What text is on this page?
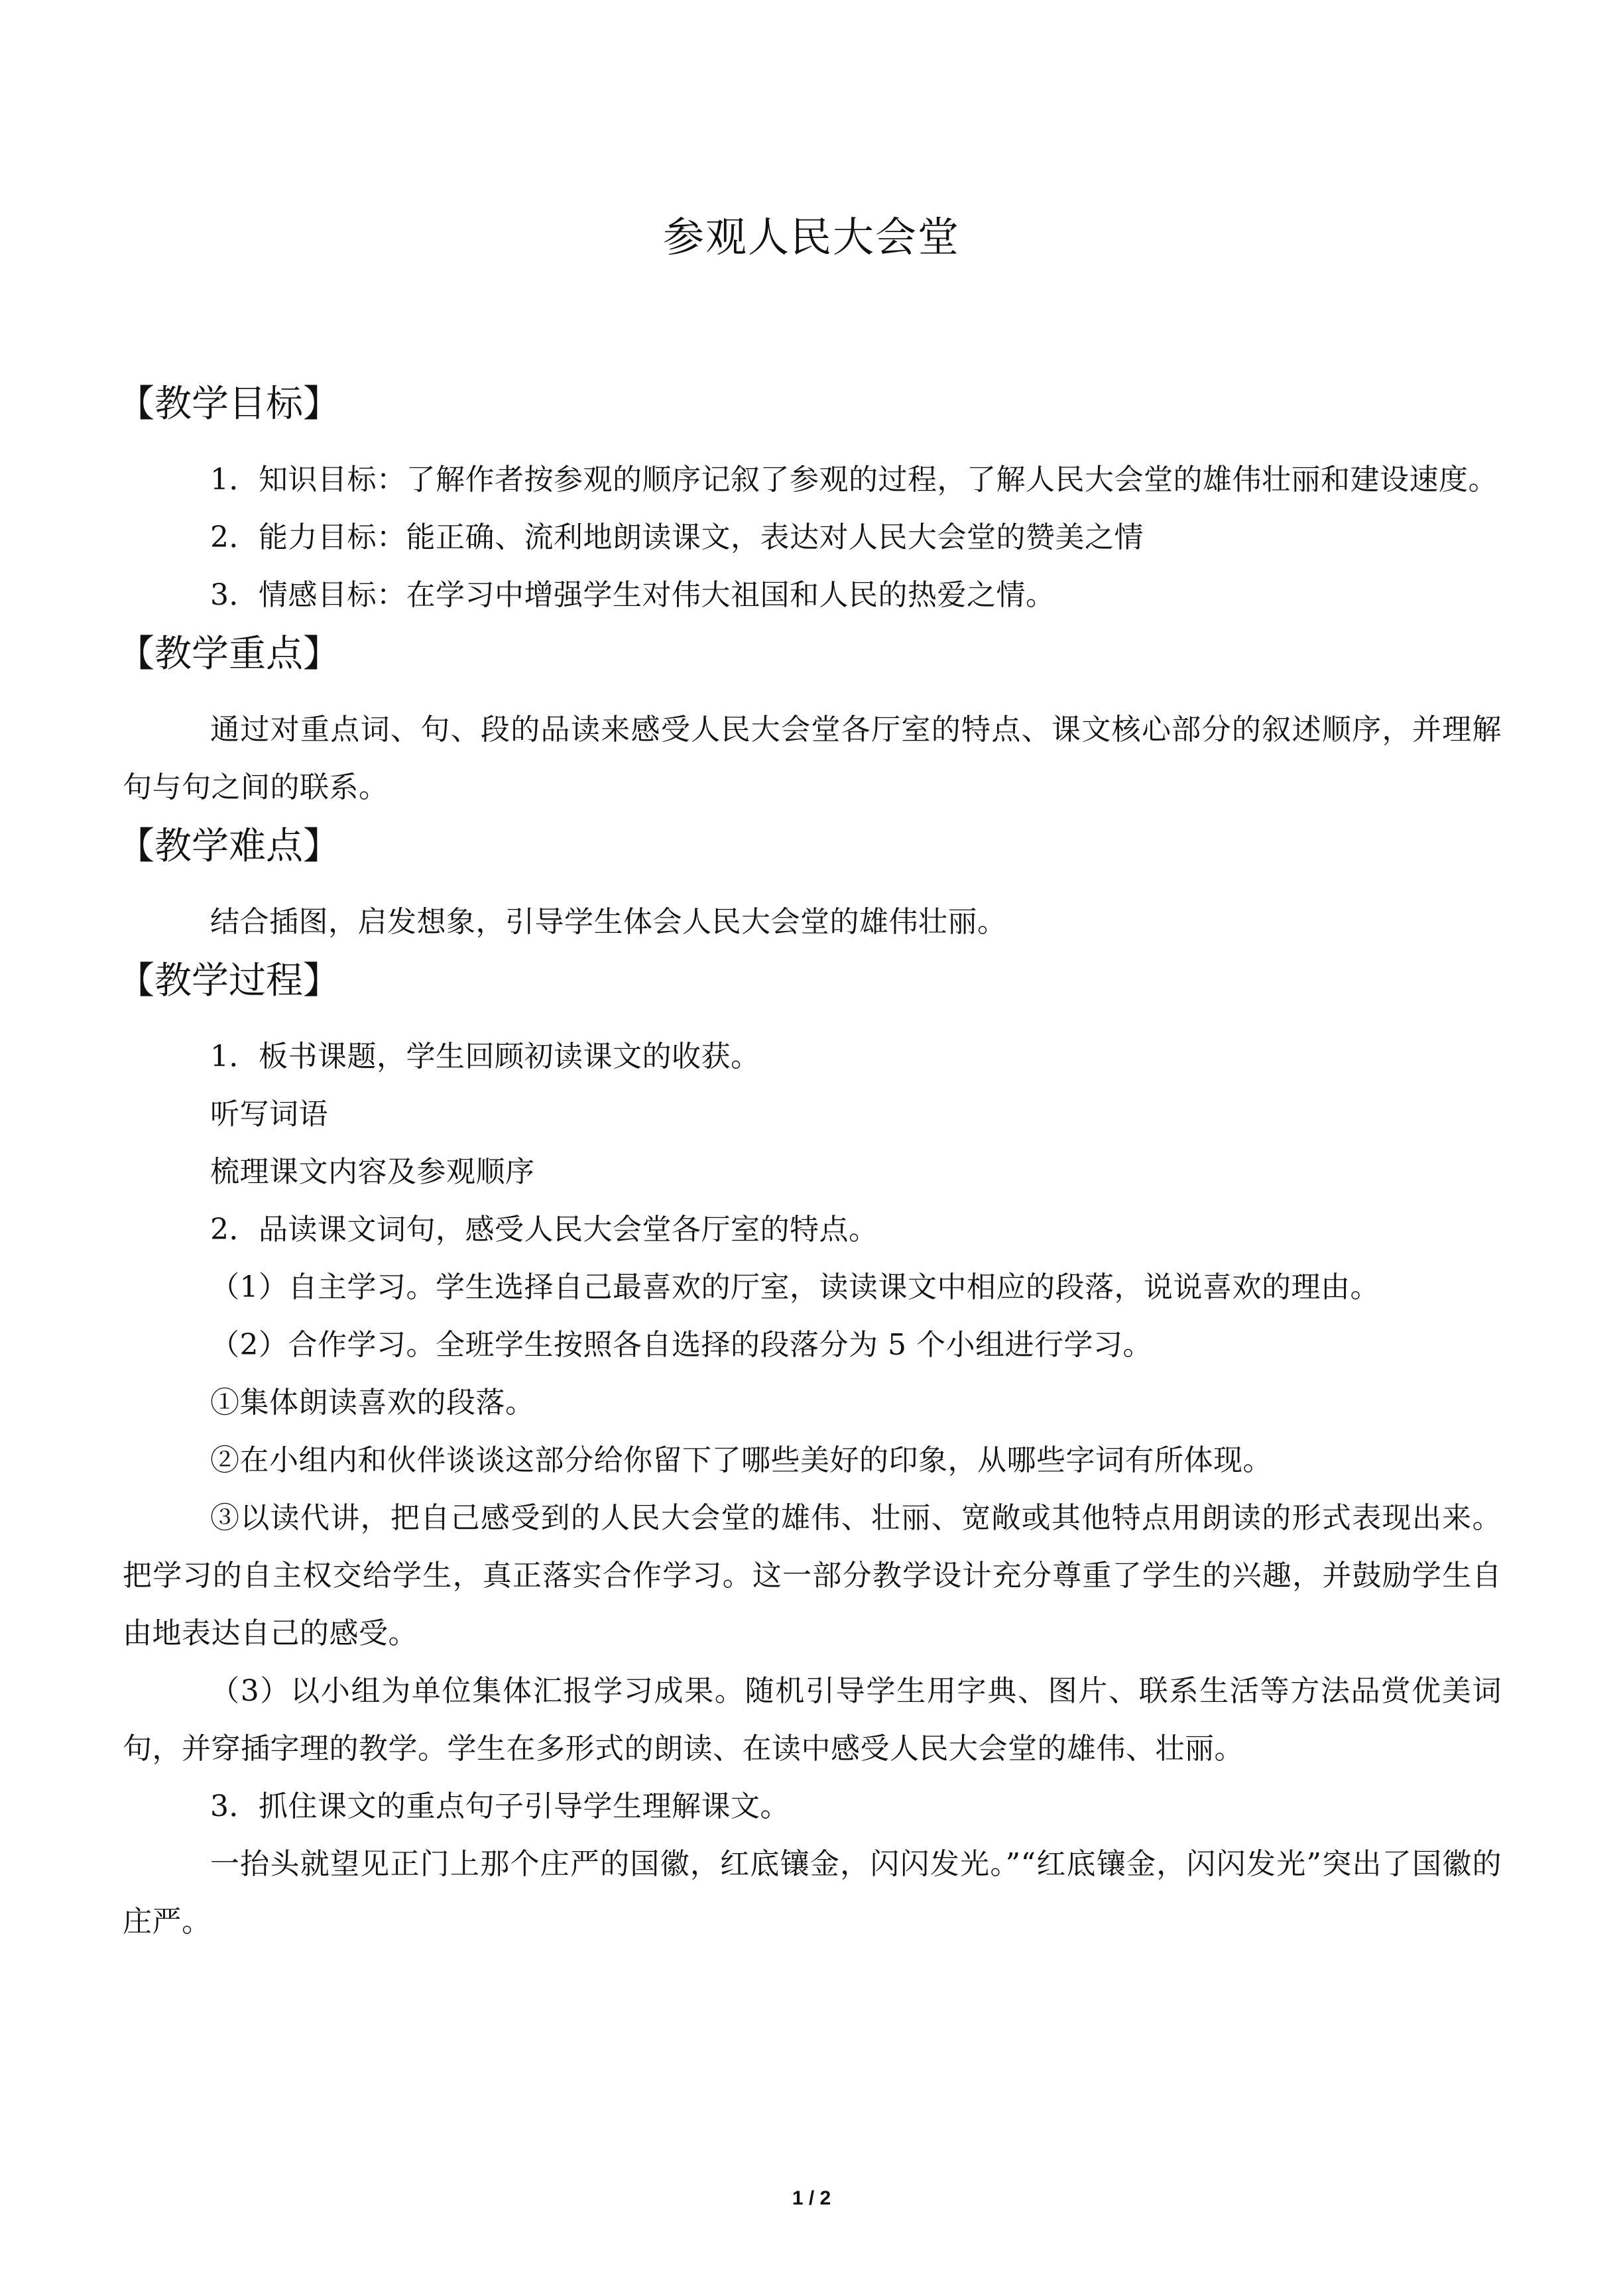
参观人民大会堂
【教学目标】

1．知识目标：了解作者按参观的顺序记叙了参观的过程，了解人民大会堂的雄伟壮丽和建设速度。

2．能力目标：能正确、流利地朗读课文，表达对人民大会堂的赞美之情

3．情感目标：在学习中增强学生对伟大祖国和人民的热爱之情。

【教学重点】

通过对重点词、句、段的品读来感受人民大会堂各厅室的特点、课文核心部分的叙述顺序，并理解句与句之间的联系。

【教学难点】

结合插图，启发想象，引导学生体会人民大会堂的雄伟壮丽。

【教学过程】

1．板书课题，学生回顾初读课文的收获。

听写词语

梳理课文内容及参观顺序

2．品读课文词句，感受人民大会堂各厅室的特点。

（1）自主学习。学生选择自己最喜欢的厅室，读读课文中相应的段落，说说喜欢的理由。

（2）合作学习。全班学生按照各自选择的段落分为 5 个小组进行学习。

①集体朗读喜欢的段落。

②在小组内和伙伴谈谈这部分给你留下了哪些美好的印象，从哪些字词有所体现。

③以读代讲，把自己感受到的人民大会堂的雄伟、壮丽、宽敞或其他特点用朗读的形式表现出来。把学习的自主权交给学生，真正落实合作学习。这一部分教学设计充分尊重了学生的兴趣，并鼓励学生自由地表达自己的感受。

（3）以小组为单位集体汇报学习成果。随机引导学生用字典、图片、联系生活等方法品赏优美词句，并穿插字理的教学。学生在多形式的朗读、在读中感受人民大会堂的雄伟、壮丽。

3．抓住课文的重点句子引导学生理解课文。

一抬头就望见正门上那个庄严的国徽，红底镶金，闪闪发光。”“红底镶金，闪闪发光”突出了国徽的庄严。

1 / 2
